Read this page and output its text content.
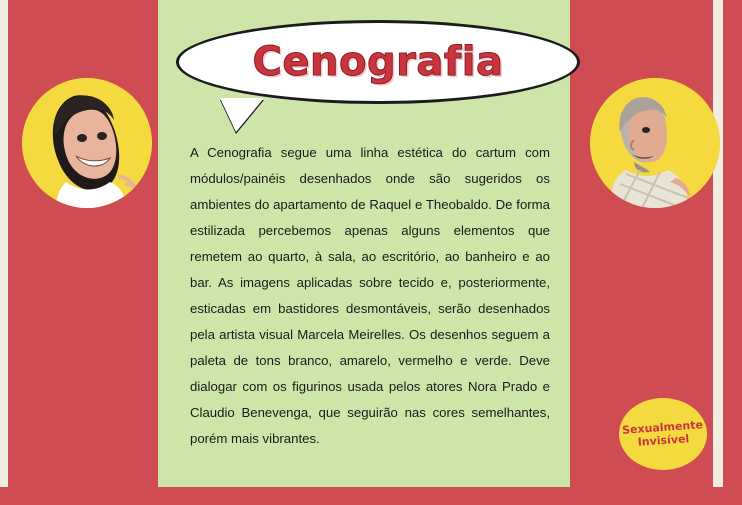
Cenografia
A Cenografia segue uma linha estética do cartum com módulos/painéis desenhados onde são sugeridos os ambientes do apartamento de Raquel e Theobaldo. De forma estilizada percebemos apenas alguns elementos que remetem ao quarto, à sala, ao escritório, ao banheiro e ao bar. As imagens aplicadas sobre tecido e, posteriormente, esticadas em bastidores desmontáveis, serão desenhados pela artista visual Marcela Meirelles. Os desenhos seguem a paleta de tons branco, amarelo, vermelho e verde. Deve dialogar com os figurinos usada pelos atores Nora Prado e Claudio Benevenga, que seguirão nas cores semelhantes, porém mais vibrantes.
Sexualmente
Invisível
